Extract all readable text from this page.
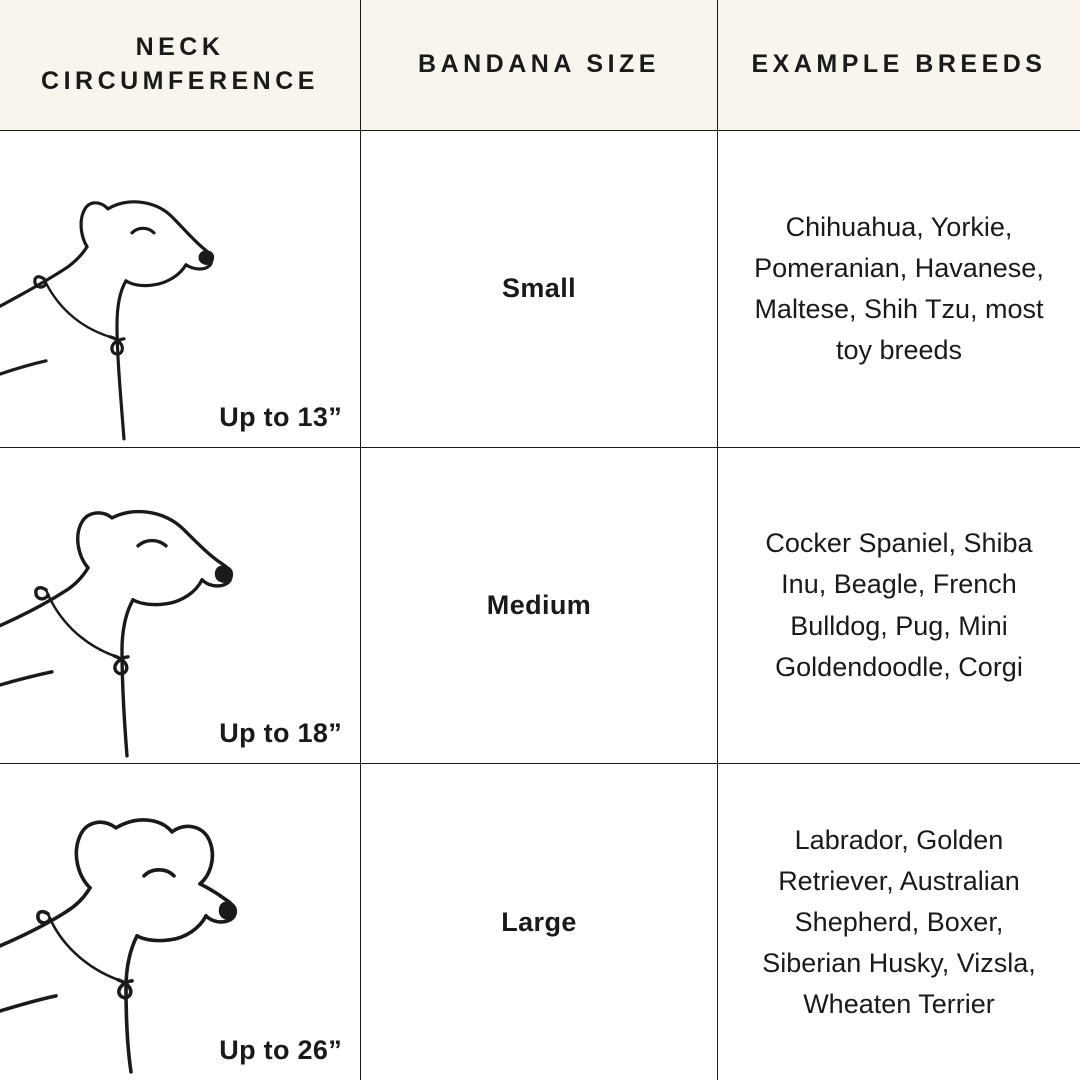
NECK CIRCUMFERENCE
BANDANA SIZE	EXAMPLE BREEDS
Up to 13”
Small
Chihuahua, Yorkie, Pomeranian, Havanese, Maltese, Shih Tzu, most toy breeds
Up to 18”
Medium
Cocker Spaniel, Shiba Inu, Beagle, French Bulldog, Pug, Mini Goldendoodle, Corgi
Up to 26”
Large
Labrador, Golden Retriever, Australian Shepherd, Boxer, Siberian Husky, Vizsla, Wheaten Terrier
